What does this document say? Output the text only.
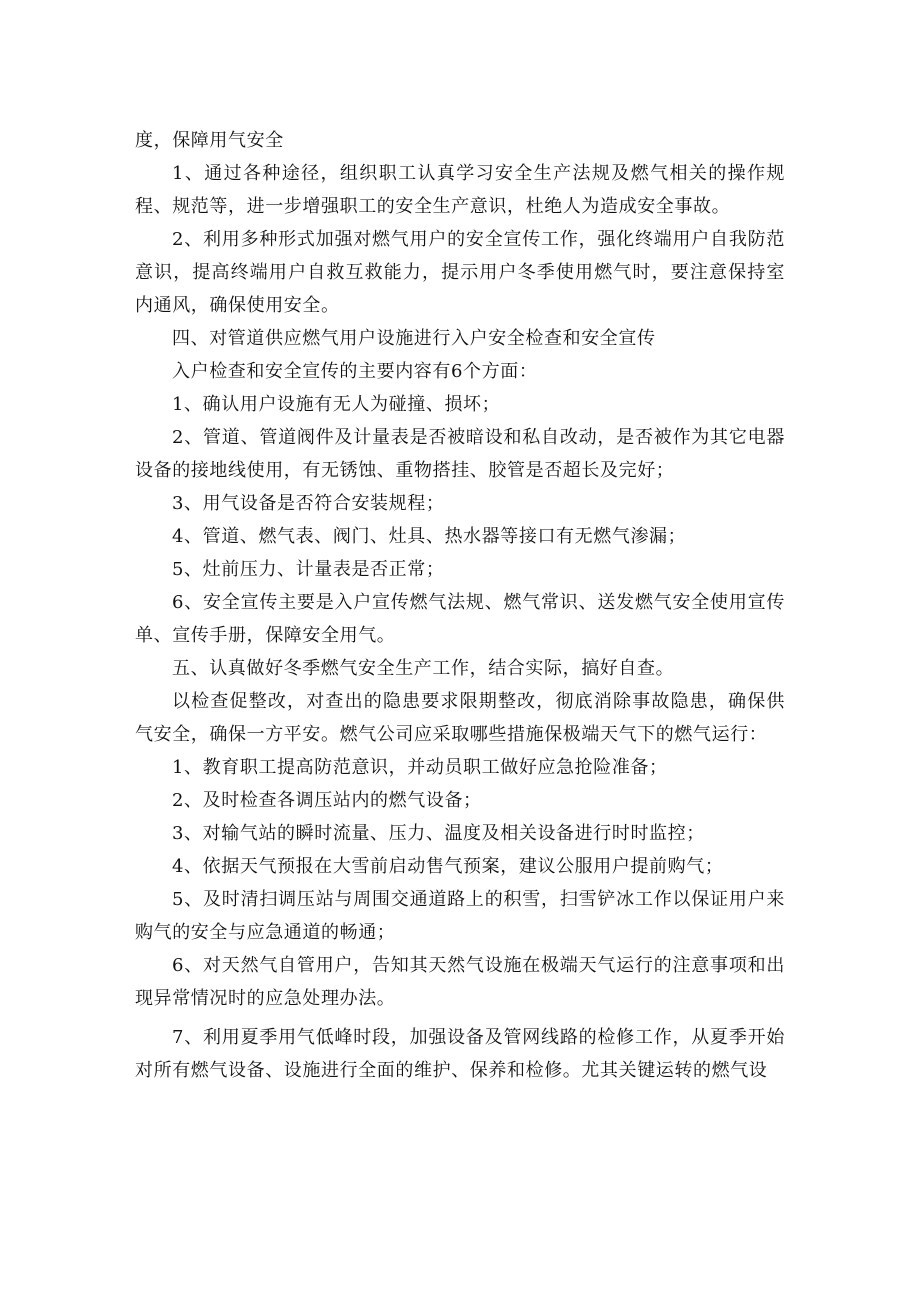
度，保障用气安全

1、通过各种途径，组织职工认真学习安全生产法规及燃气相关的操作规程、规范等，进一步增强职工的安全生产意识，杜绝人为造成安全事故。

2、利用多种形式加强对燃气用户的安全宣传工作，强化终端用户自我防范意识，提高终端用户自救互救能力，提示用户冬季使用燃气时，要注意保持室内通风，确保使用安全。

四、对管道供应燃气用户设施进行入户安全检查和安全宣传

入户检查和安全宣传的主要内容有6个方面：

1、确认用户设施有无人为碰撞、损坏；

2、管道、管道阀件及计量表是否被暗设和私自改动，是否被作为其它电器设备的接地线使用，有无锈蚀、重物搭挂、胶管是否超长及完好；

3、用气设备是否符合安装规程；

4、管道、燃气表、阀门、灶具、热水器等接口有无燃气渗漏；

5、灶前压力、计量表是否正常；

6、安全宣传主要是入户宣传燃气法规、燃气常识、送发燃气安全使用宣传单、宣传手册，保障安全用气。

五、认真做好冬季燃气安全生产工作，结合实际，搞好自查。

以检查促整改，对查出的隐患要求限期整改，彻底消除事故隐患，确保供气安全，确保一方平安。燃气公司应采取哪些措施保极端天气下的燃气运行：

1、教育职工提高防范意识，并动员职工做好应急抢险准备；

2、及时检查各调压站内的燃气设备；

3、对输气站的瞬时流量、压力、温度及相关设备进行时时监控；

4、依据天气预报在大雪前启动售气预案，建议公服用户提前购气；

5、及时清扫调压站与周围交通道路上的积雪，扫雪铲冰工作以保证用户来购气的安全与应急通道的畅通；

6、对天然气自管用户，告知其天然气设施在极端天气运行的注意事项和出现异常情况时的应急处理办法。

7、利用夏季用气低峰时段，加强设备及管网线路的检修工作，从夏季开始对所有燃气设备、设施进行全面的维护、保养和检修。尤其关键运转的燃气设
